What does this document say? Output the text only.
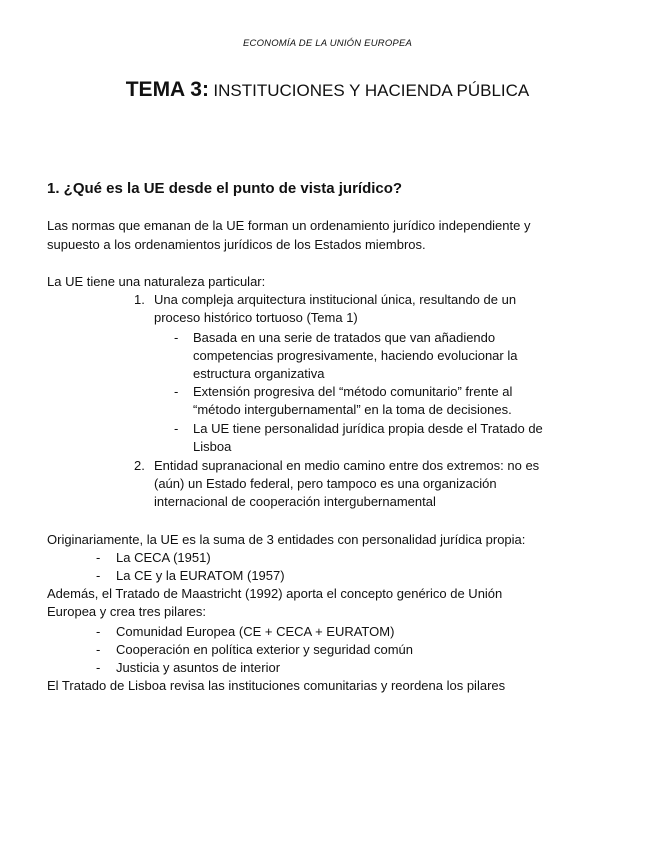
ECONOMÍA DE LA UNIÓN EUROPEA
TEMA 3: INSTITUCIONES Y HACIENDA PÚBLICA
1. ¿Qué es la UE desde el punto de vista jurídico?
Las normas que emanan de la UE forman un ordenamiento jurídico independiente y
supuesto a los ordenamientos jurídicos de los Estados miembros.
La UE tiene una naturaleza particular:
1. Una compleja arquitectura institucional única, resultando de un
proceso histórico tortuoso (Tema 1)
- Basada en una serie de tratados que van añadiendo
competencias progresivamente, haciendo evolucionar la
estructura organizativa
- Extensión progresiva del “método comunitario” frente al
“método intergubernamental” en la toma de decisiones.
- La UE tiene personalidad jurídica propia desde el Tratado de
Lisboa
2. Entidad supranacional en medio camino entre dos extremos: no es
(aún) un Estado federal, pero tampoco es una organización
internacional de cooperación intergubernamental
Originariamente, la UE es la suma de 3 entidades con personalidad jurídica propia:
- La CECA (1951)
- La CE y la EURATOM (1957)
Además, el Tratado de Maastricht (1992) aporta el concepto genérico de Unión
Europea y crea tres pilares:
- Comunidad Europea (CE + CECA + EURATOM)
- Cooperación en política exterior y seguridad común
- Justicia y asuntos de interior
El Tratado de Lisboa revisa las instituciones comunitarias y reordena los pilares
